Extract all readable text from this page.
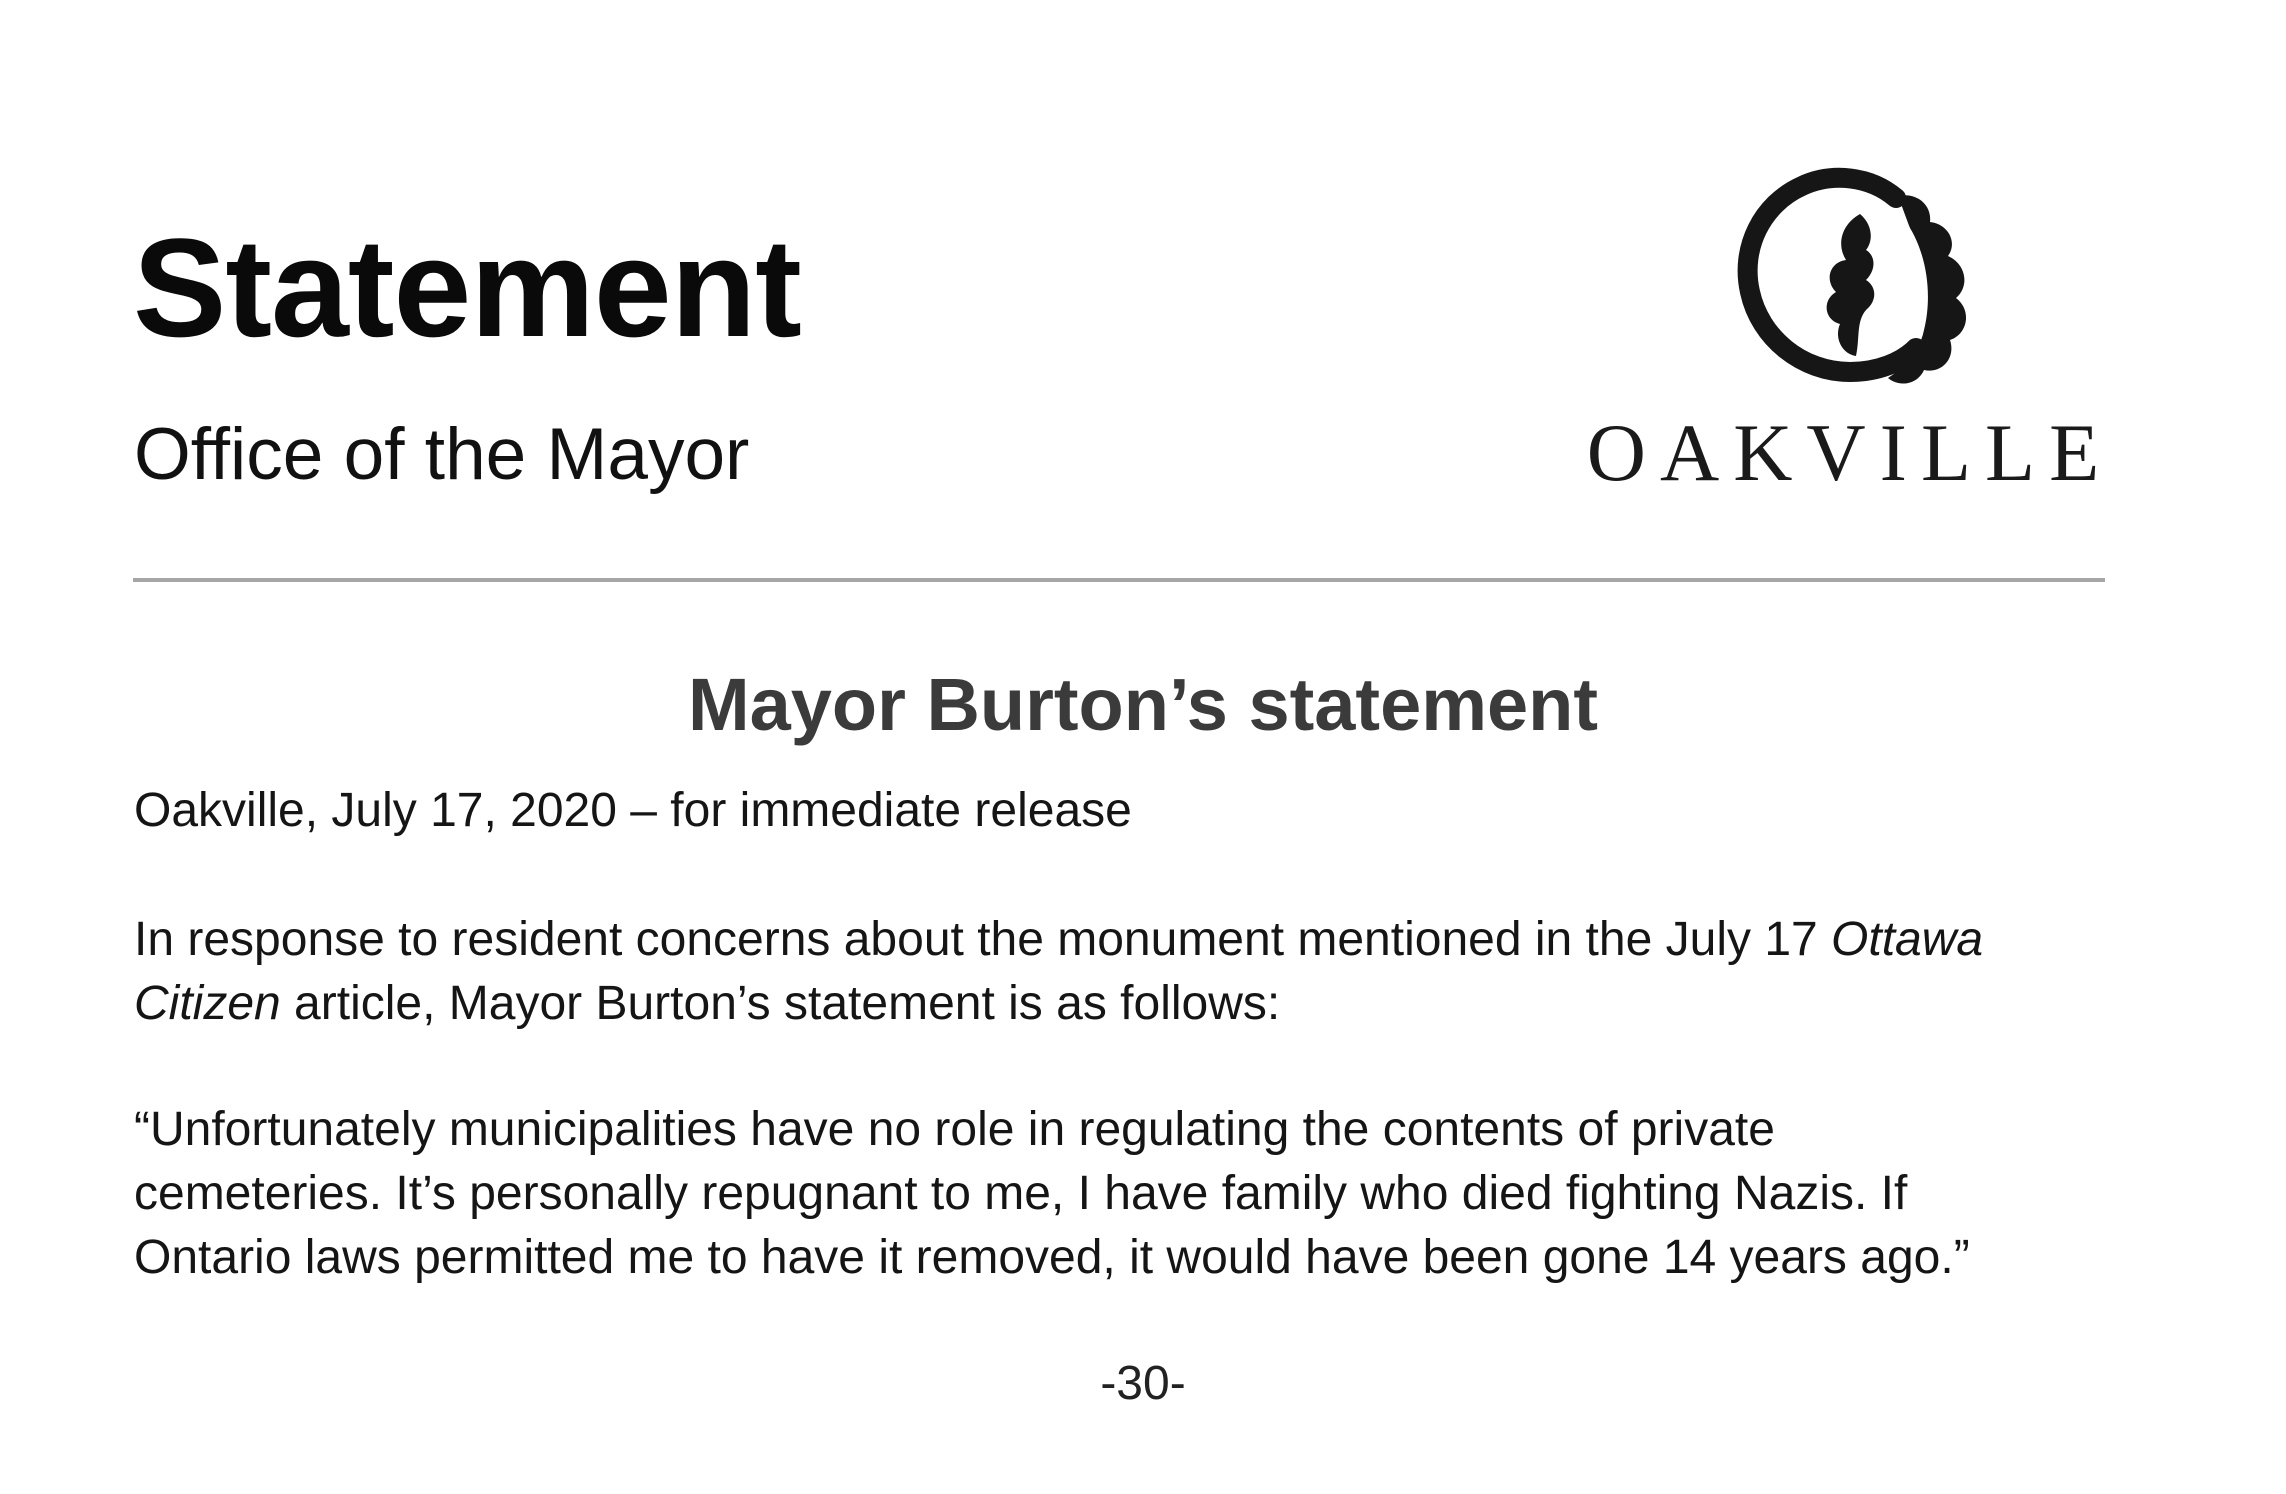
Statement
Office of the Mayor	OAKVILLE
Mayor Burton’s statement
Oakville, July 17, 2020 – for immediate release
In response to resident concerns about the monument mentioned in the July 17 Ottawa
Citizen article, Mayor Burton’s statement is as follows:
“Unfortunately municipalities have no role in regulating the contents of private
cemeteries. It’s personally repugnant to me, I have family who died fighting Nazis. If
Ontario laws permitted me to have it removed, it would have been gone 14 years ago.”
-30-
